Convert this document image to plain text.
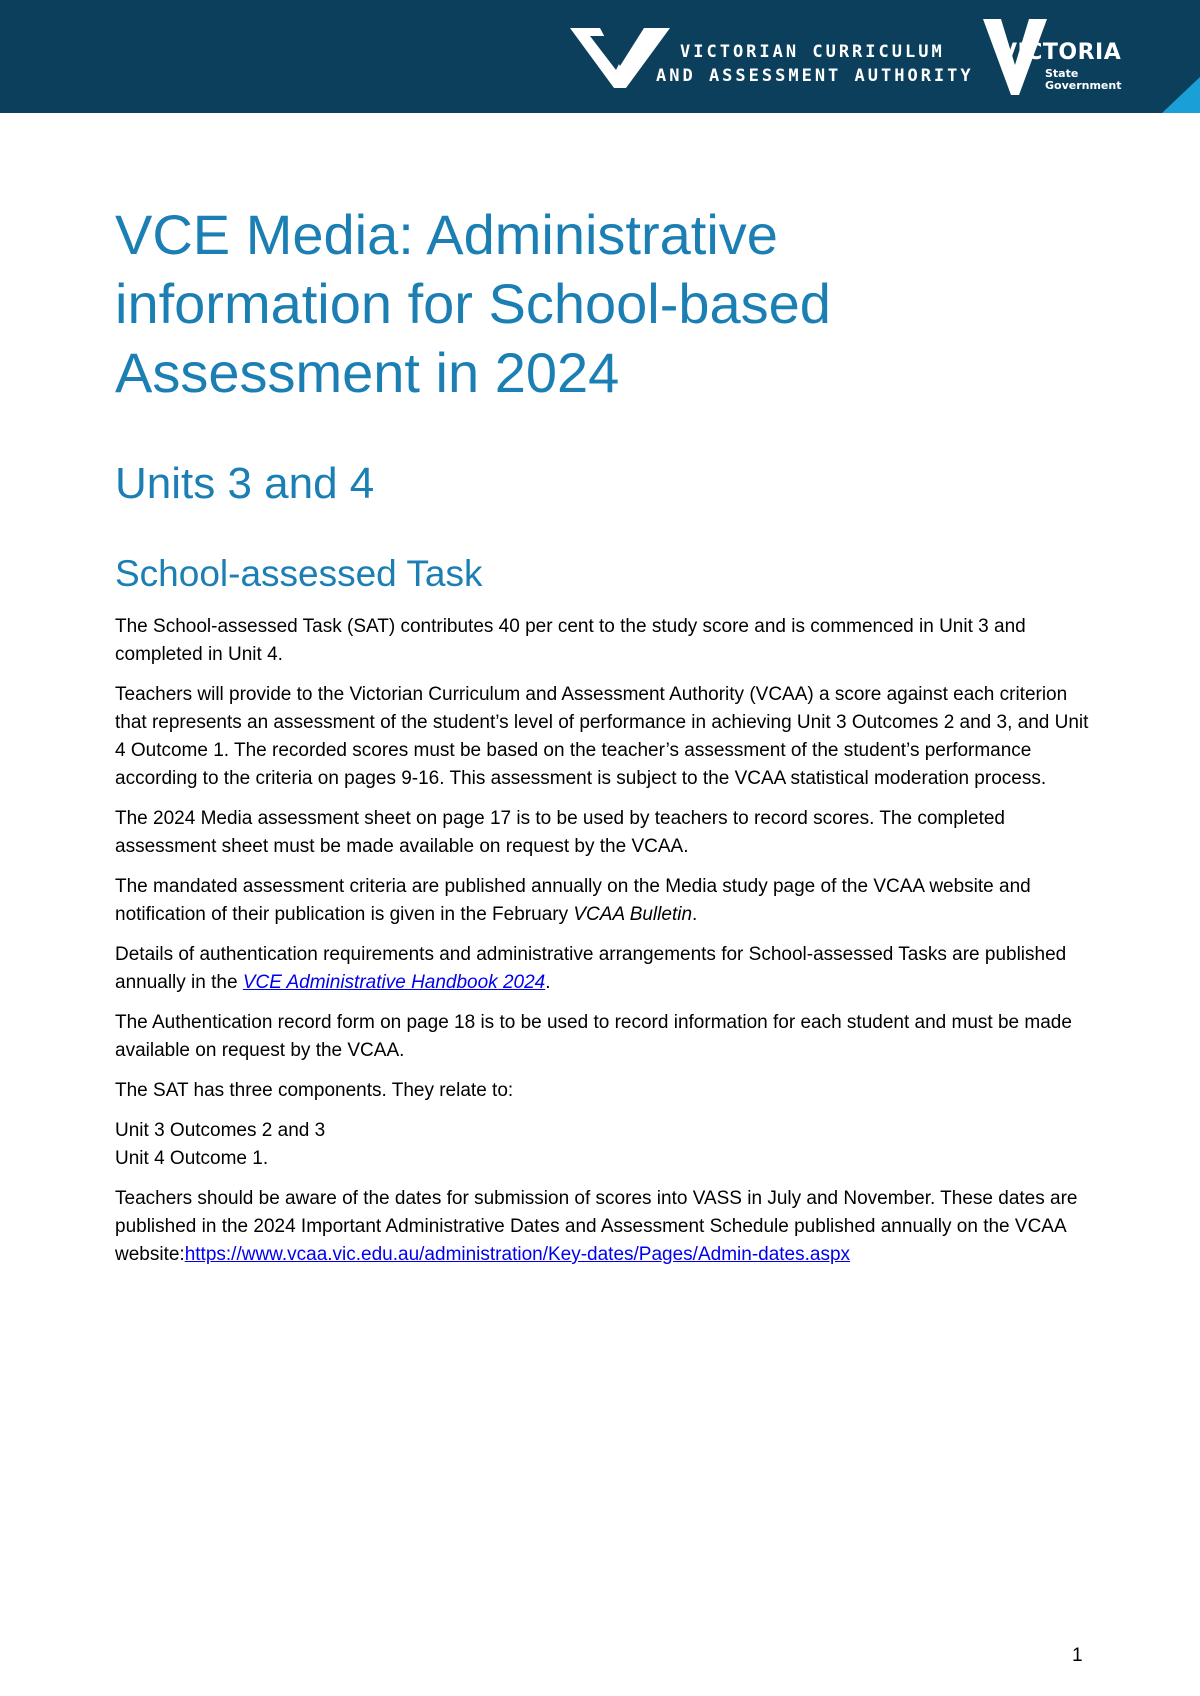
VICTORIAN CURRICULUM
AND ASSESSMENT AUTHORITY
VICTORIA
State
Government
VCE Media: Administrative information for School-based Assessment in 2024
Units 3 and 4
School-assessed Task

The School-assessed Task (SAT) contributes 40 per cent to the study score and is commenced in Unit 3 and completed in Unit 4.

Teachers will provide to the Victorian Curriculum and Assessment Authority (VCAA) a score against each criterion that represents an assessment of the student’s level of performance in achieving Unit 3 Outcomes 2 and 3, and Unit 4 Outcome 1. The recorded scores must be based on the teacher’s assessment of the student’s performance according to the criteria on pages 9-16. This assessment is subject to the VCAA statistical moderation process.

The 2024 Media assessment sheet on page 17 is to be used by teachers to record scores. The completed assessment sheet must be made available on request by the VCAA.

The mandated assessment criteria are published annually on the Media study page of the VCAA website and notification of their publication is given in the February VCAA Bulletin.

Details of authentication requirements and administrative arrangements for School-assessed Tasks are published annually in the VCE Administrative Handbook 2024.

The Authentication record form on page 18 is to be used to record information for each student and must be made available on request by the VCAA.

The SAT has three components. They relate to:

Unit 3 Outcomes 2 and 3
Unit 4 Outcome 1.

Teachers should be aware of the dates for submission of scores into VASS in July and November. These dates are published in the 2024 Important Administrative Dates and Assessment Schedule published annually on the VCAA website:https://www.vcaa.vic.edu.au/administration/Key-dates/Pages/Admin-dates.aspx

1
